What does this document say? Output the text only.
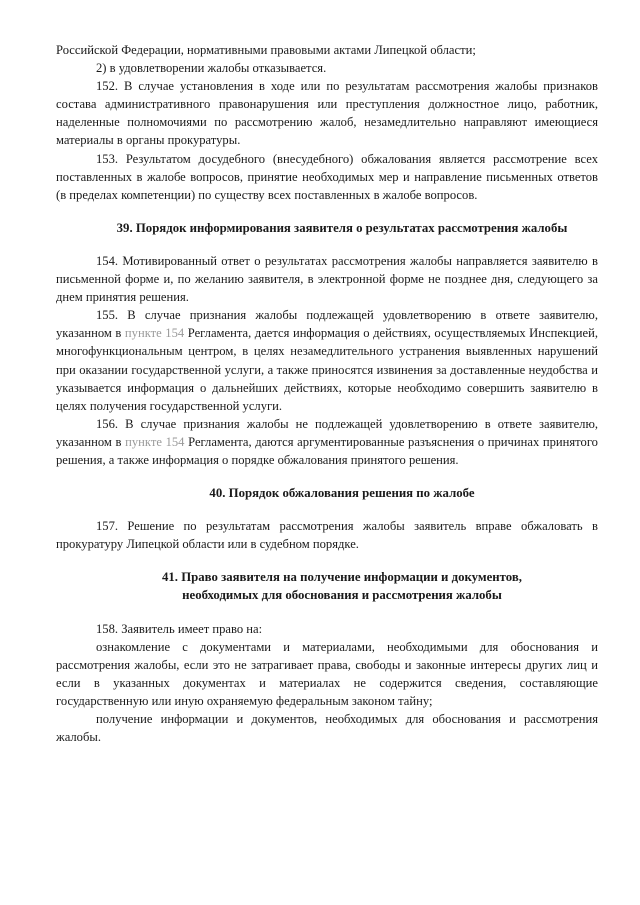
Российской Федерации, нормативными правовыми актами Липецкой области;

2) в удовлетворении жалобы отказывается.

152. В случае установления в ходе или по результатам рассмотрения жалобы признаков состава административного правонарушения или преступления должностное лицо, работник, наделенные полномочиями по рассмотрению жалоб, незамедлительно направляют имеющиеся материалы в органы прокуратуры.

153. Результатом досудебного (внесудебного) обжалования является рассмотрение всех поставленных в жалобе вопросов, принятие необходимых мер и направление письменных ответов (в пределах компетенции) по существу всех поставленных в жалобе вопросов.

39. Порядок информирования заявителя о результатах рассмотрения жалобы

154. Мотивированный ответ о результатах рассмотрения жалобы направляется заявителю в письменной форме и, по желанию заявителя, в электронной форме не позднее дня, следующего за днем принятия решения.

155. В случае признания жалобы подлежащей удовлетворению в ответе заявителю, указанном в пункте 154 Регламента, дается информация о действиях, осуществляемых Инспекцией, многофункциональным центром, в целях незамедлительного устранения выявленных нарушений при оказании государственной услуги, а также приносятся извинения за доставленные неудобства и указывается информация о дальнейших действиях, которые необходимо совершить заявителю в целях получения государственной услуги.

156. В случае признания жалобы не подлежащей удовлетворению в ответе заявителю, указанном в пункте 154 Регламента, даются аргументированные разъяснения о причинах принятого решения, а также информация о порядке обжалования принятого решения.

40. Порядок обжалования решения по жалобе

157. Решение по результатам рассмотрения жалобы заявитель вправе обжаловать в прокуратуру Липецкой области или в судебном порядке.

41. Право заявителя на получение информации и документов,
необходимых для обоснования и рассмотрения жалобы

158. Заявитель имеет право на:

ознакомление с документами и материалами, необходимыми для обоснования и рассмотрения жалобы, если это не затрагивает права, свободы и законные интересы других лиц и если в указанных документах и материалах не содержится сведения, составляющие государственную или иную охраняемую федеральным законом тайну;

получение информации и документов, необходимых для обоснования и рассмотрения жалобы.
